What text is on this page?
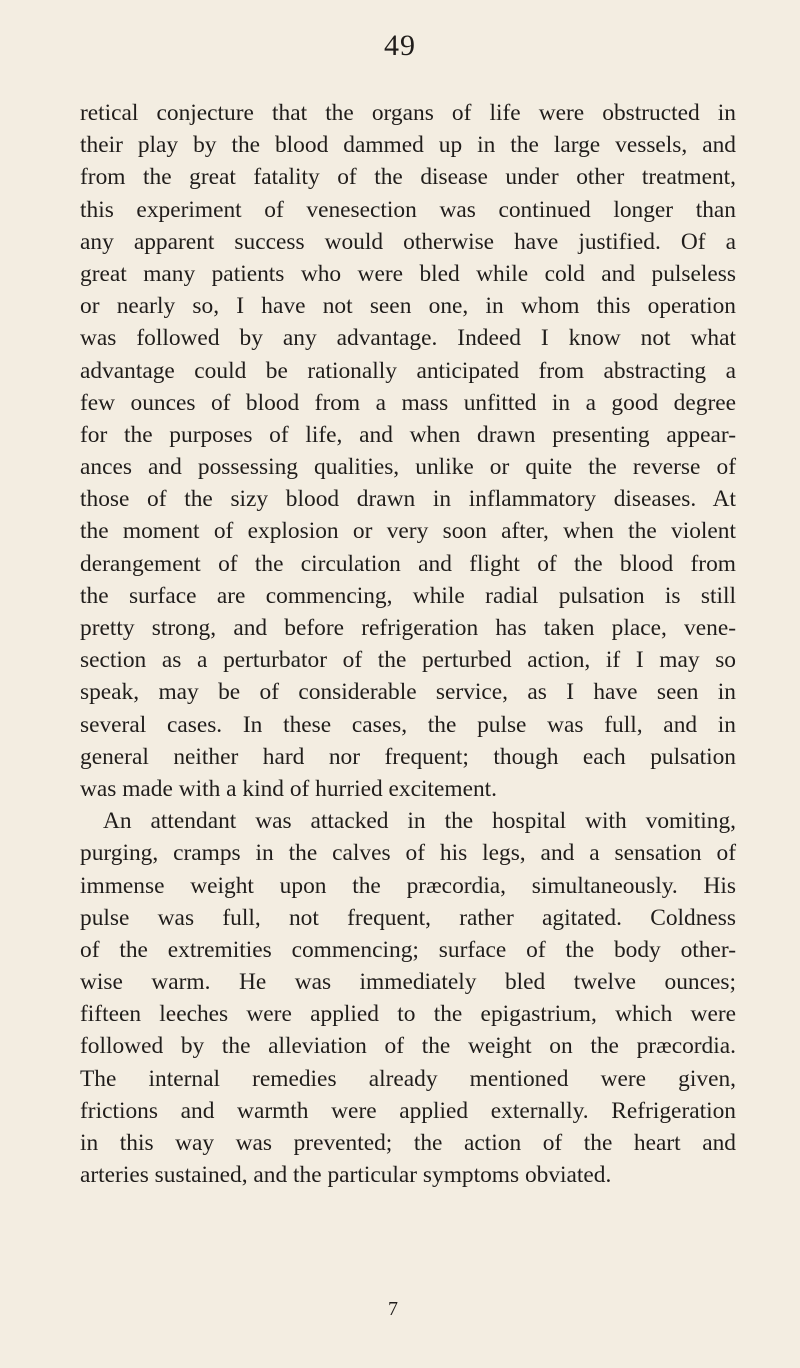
49
retical conjecture that the organs of life were obstructed in
their play by the blood dammed up in the large vessels, and
from the great fatality of the disease under other treatment,
this experiment of venesection was continued longer than
any apparent success would otherwise have justified. Of a
great many patients who were bled while cold and pulseless
or nearly so, I have not seen one, in whom this operation
was followed by any advantage. Indeed I know not what
advantage could be rationally anticipated from abstracting a
few ounces of blood from a mass unfitted in a good degree
for the purposes of life, and when drawn presenting appear-
ances and possessing qualities, unlike or quite the reverse of
those of the sizy blood drawn in inflammatory diseases. At
the moment of explosion or very soon after, when the violent
derangement of the circulation and flight of the blood from
the surface are commencing, while radial pulsation is still
pretty strong, and before refrigeration has taken place, vene-
section as a perturbator of the perturbed action, if I may so
speak, may be of considerable service, as I have seen in
several cases. In these cases, the pulse was full, and in
general neither hard nor frequent; though each pulsation
was made with a kind of hurried excitement.
An attendant was attacked in the hospital with vomiting,
purging, cramps in the calves of his legs, and a sensation of
immense weight upon the præcordia, simultaneously. His
pulse was full, not frequent, rather agitated. Coldness
of the extremities commencing; surface of the body other-
wise warm. He was immediately bled twelve ounces;
fifteen leeches were applied to the epigastrium, which were
followed by the alleviation of the weight on the præcordia.
The internal remedies already mentioned were given,
frictions and warmth were applied externally. Refrigeration
in this way was prevented; the action of the heart and
arteries sustained, and the particular symptoms obviated.
7
